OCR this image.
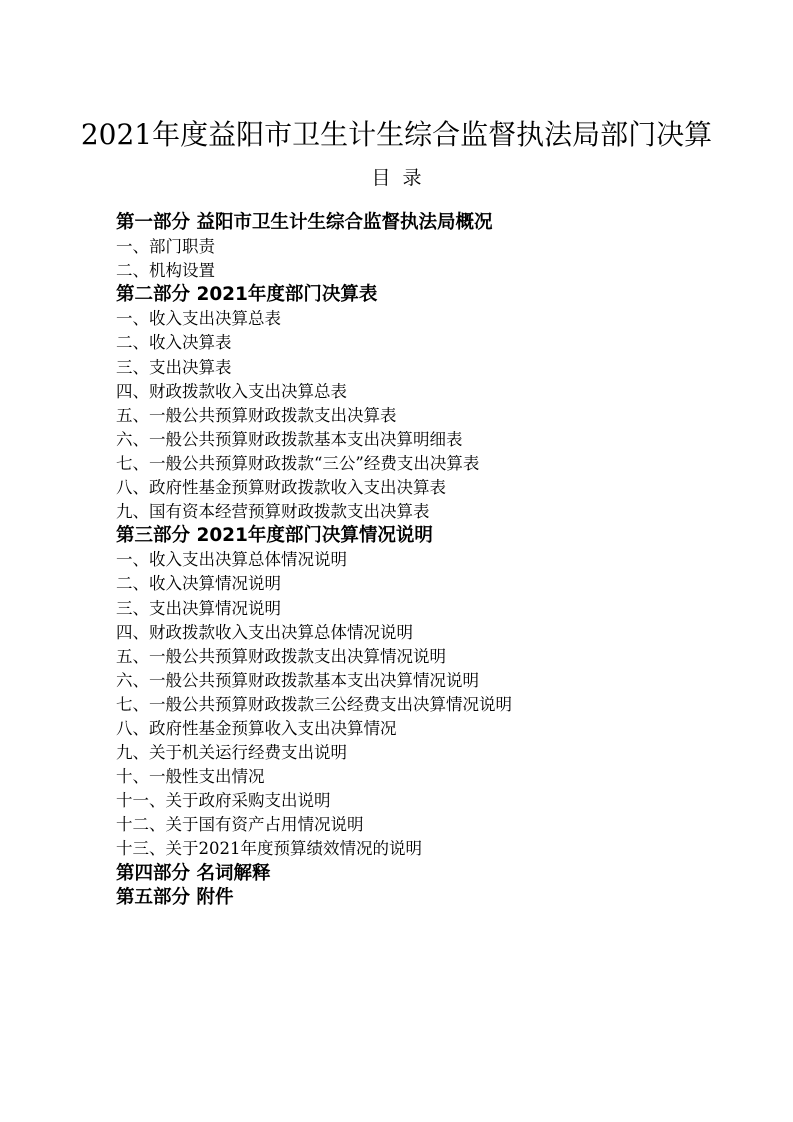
2021年度益阳市卫生计生综合监督执法局部门决算
目  录
第一部分 益阳市卫生计生综合监督执法局概况
一、部门职责
二、机构设置
第二部分 2021年度部门决算表
一、收入支出决算总表
二、收入决算表
三、支出决算表
四、财政拨款收入支出决算总表
五、一般公共预算财政拨款支出决算表
六、一般公共预算财政拨款基本支出决算明细表
七、一般公共预算财政拨款“三公”经费支出决算表
八、政府性基金预算财政拨款收入支出决算表
九、国有资本经营预算财政拨款支出决算表
第三部分 2021年度部门决算情况说明
一、收入支出决算总体情况说明
二、收入决算情况说明
三、支出决算情况说明
四、财政拨款收入支出决算总体情况说明
五、一般公共预算财政拨款支出决算情况说明
六、一般公共预算财政拨款基本支出决算情况说明
七、一般公共预算财政拨款三公经费支出决算情况说明
八、政府性基金预算收入支出决算情况
九、关于机关运行经费支出说明
十、一般性支出情况
十一、关于政府采购支出说明
十二、关于国有资产占用情况说明
十三、关于2021年度预算绩效情况的说明
第四部分 名词解释
第五部分 附件
